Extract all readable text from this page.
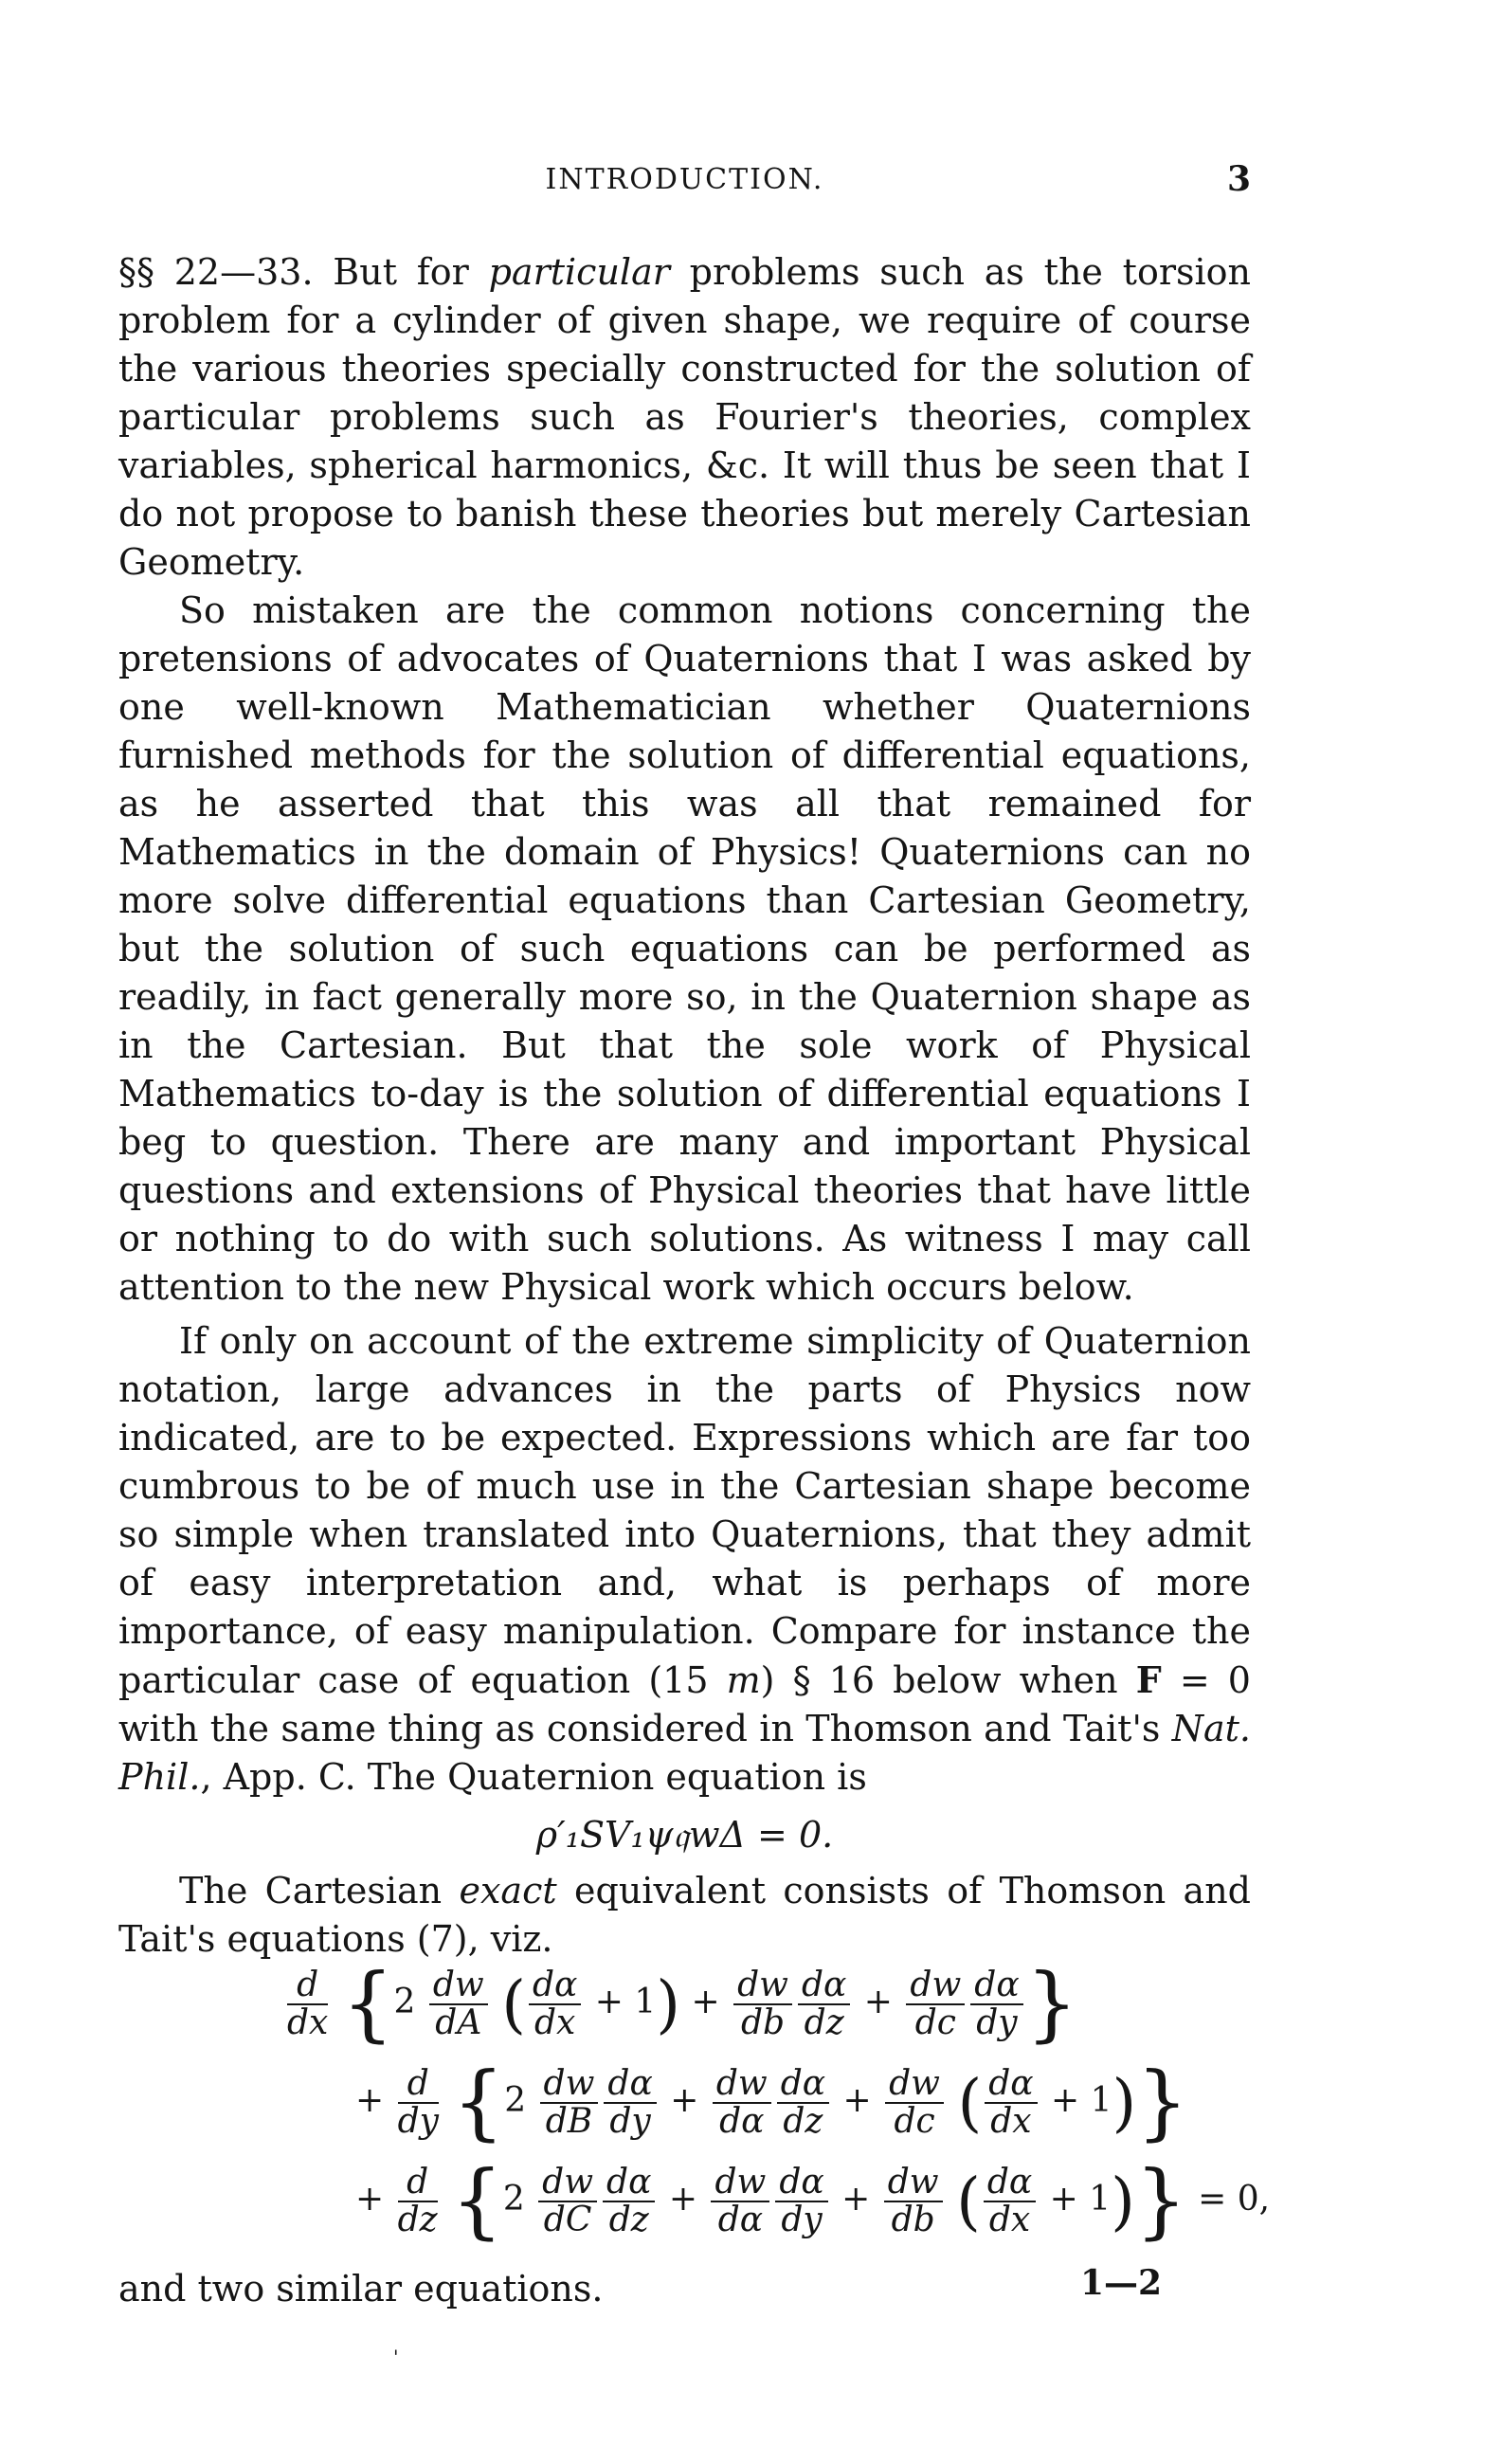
INTRODUCTION.	3

§§ 22—33. But for particular problems such as the torsion problem for a cylinder of given shape, we require of course the various theories specially constructed for the solution of particular problems such as Fourier's theories, complex variables, spherical harmonics, &c. It will thus be seen that I do not propose to banish these theories but merely Cartesian Geometry.

So mistaken are the common notions concerning the pretensions of advocates of Quaternions that I was asked by one well-known Mathematician whether Quaternions furnished methods for the solution of differential equations, as he asserted that this was all that remained for Mathematics in the domain of Physics! Quaternions can no more solve differential equations than Cartesian Geometry, but the solution of such equations can be performed as readily, in fact generally more so, in the Quaternion shape as in the Cartesian. But that the sole work of Physical Mathematics to-day is the solution of differential equations I beg to question. There are many and important Physical questions and extensions of Physical theories that have little or nothing to do with such solutions. As witness I may call attention to the new Physical work which occurs below.

If only on account of the extreme simplicity of Quaternion notation, large advances in the parts of Physics now indicated, are to be expected. Expressions which are far too cumbrous to be of much use in the Cartesian shape become so simple when translated into Quaternions, that they admit of easy interpretation and, what is perhaps of more importance, of easy manipulation. Compare for instance the particular case of equation (15 m) § 16 below when F = 0 with the same thing as considered in Thomson and Tait's Nat. Phil., App. C. The Quaternion equation is

ρ′₁SV₁ψ𝔮wΔ = 0.

The Cartesian exact equivalent consists of Thomson and Tait's equations (7), viz.

$\frac{d}{dx} \{2 \frac{dw}{dA}$ ( $\frac{d\alpha}{dx} + 1) + \frac{dw}{db} \frac{d\alpha}{dz} + \frac{dw}{dc} \frac{d\alpha}{dy}$ }
+ $\frac{d}{dy} \{2 \frac{dw}{dB} \frac{d\alpha}{dy} + \frac{dw}{d\alpha} \frac{d\alpha}{dz} + \frac{dw}{dc}$ ( $\frac{d\alpha}{dx} + 1$)}
+ $\frac{d}{dz} \{2 \frac{dw}{dC} \frac{d\alpha}{dz} + \frac{dw}{d\alpha} \frac{d\alpha}{dy} + \frac{dw}{db}$ ( $\frac{d\alpha}{dx} + 1)\} = 0$,

and two similar equations.	1—2
'
